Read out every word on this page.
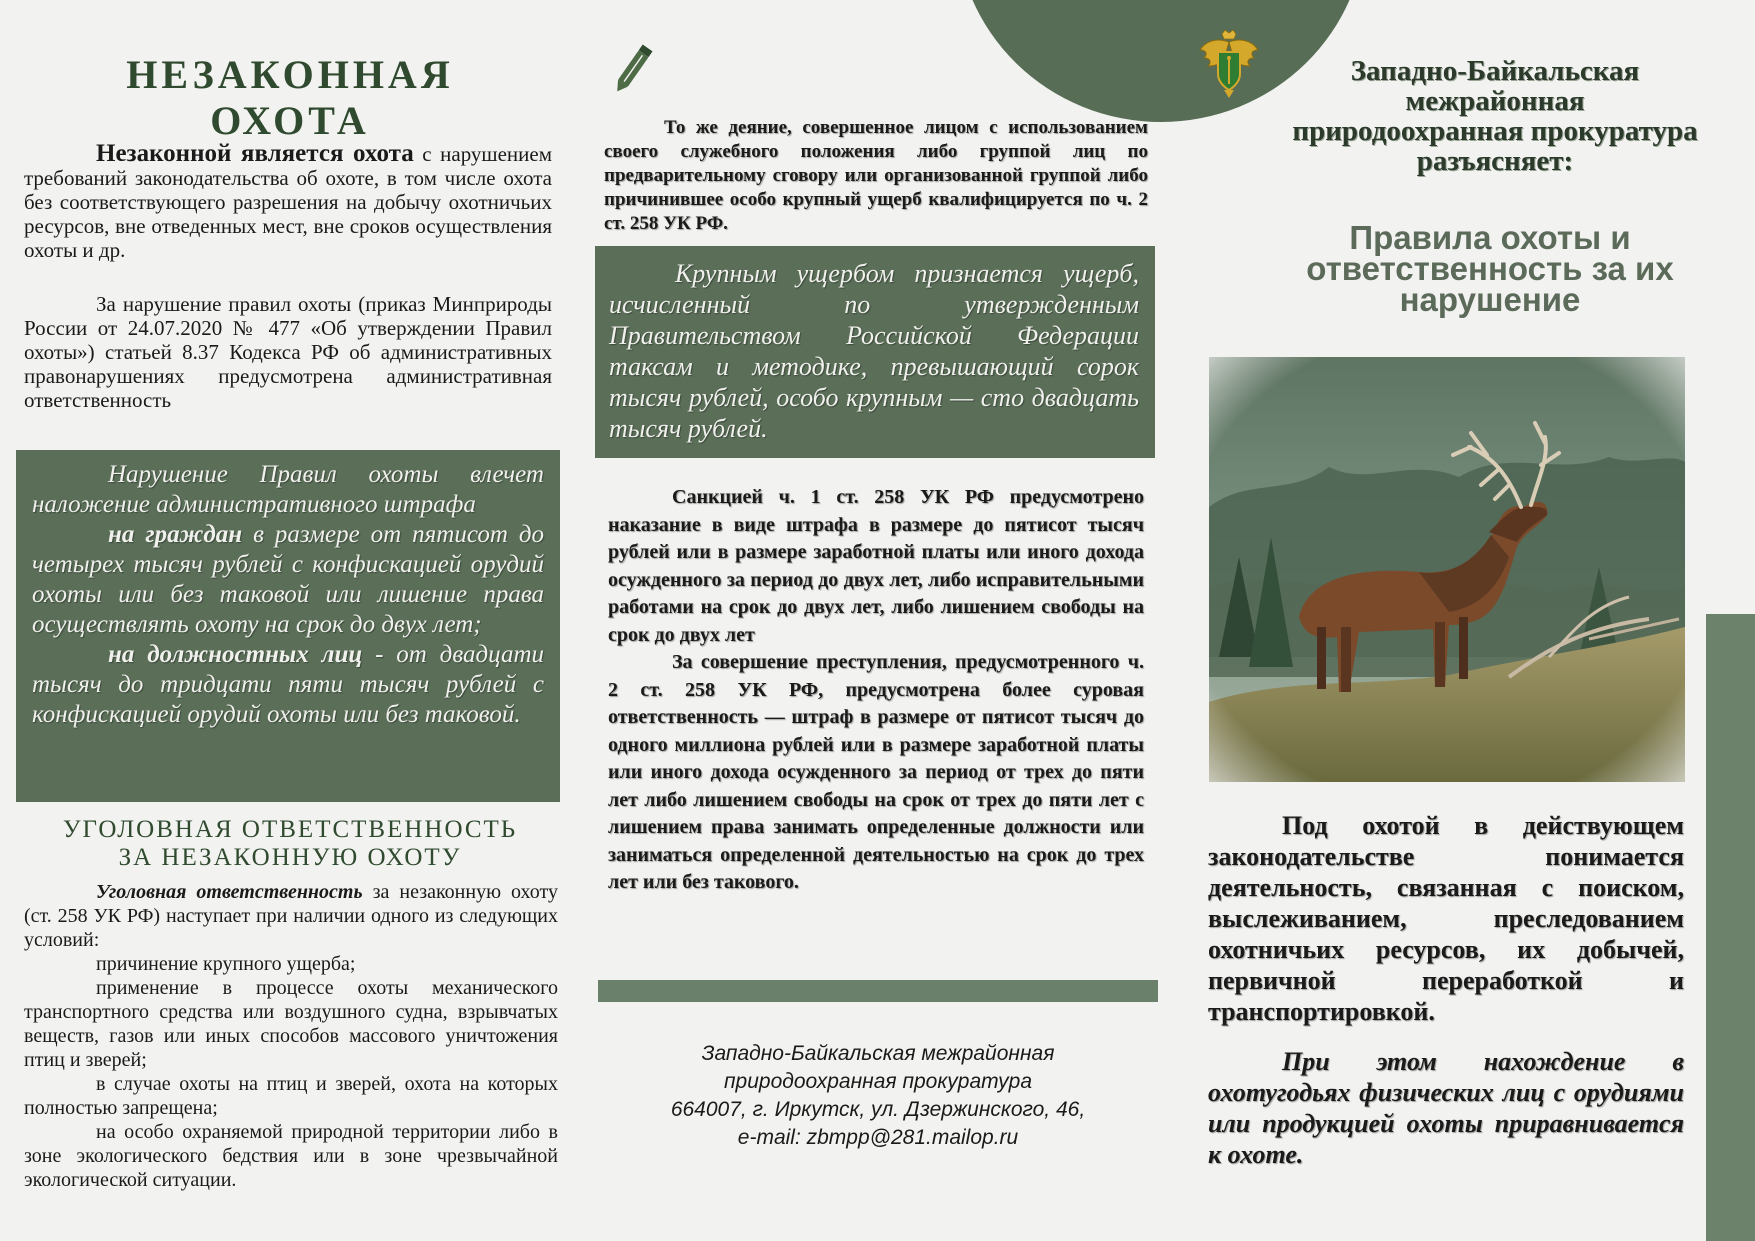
НЕЗАКОННАЯ
ОХОТА
Незаконной является охота с нарушением требований законодательства об охоте, в том числе охота без соответствующего разрешения на добычу охотничьих ресурсов, вне отведенных мест, вне сроков осуществления охоты и др.
За нарушение правил охоты (приказ Минприроды России от 24.07.2020 № 477 «Об утверждении Правил охоты») статьей 8.37 Кодекса РФ об административных правонарушениях предусмотрена административная ответственность

Нарушение Правил охоты влечет наложение административного штрафа

на граждан в размере от пятисот до четырех тысяч рублей с конфискацией орудий охоты или без таковой или лишение права осуществлять охоту на срок до двух лет;

на должностных лиц - от двадцати тысяч до тридцати пяти тысяч рублей с конфискацией орудий охоты или без таковой.

УГОЛОВНАЯ ОТВЕТСТВЕННОСТЬ
ЗА НЕЗАКОННУЮ ОХОТУ

Уголовная ответственность за незаконную охоту (ст. 258 УК РФ) наступает при наличии одного из следующих условий:

причинение крупного ущерба;

применение в процессе охоты механического транспортного средства или воздушного судна, взрывчатых веществ, газов или иных способов массового уничтожения птиц и зверей;

в случае охоты на птиц и зверей, охота на которых полностью запрещена;

на особо охраняемой природной территории либо в зоне экологического бедствия или в зоне чрезвычайной экологической ситуации.

То же деяние, совершенное лицом с использованием своего служебного положения либо группой лиц по предварительному сговору или организованной группой либо причинившее особо крупный ущерб квалифицируется по ч. 2 ст. 258 УК РФ.

Крупным ущербом признается ущерб, исчисленный по утвержденным Правительством Российской Федерации таксам и методике, превышающий сорок тысяч рублей, особо крупным — сто двадцать тысяч рублей.

Санкцией ч. 1 ст. 258 УК РФ предусмотрено наказание в виде штрафа в размере до пятисот тысяч рублей или в размере заработной платы или иного дохода осужденного за период до двух лет, либо исправительными работами на срок до двух лет, либо лишением свободы на срок до двух лет

За совершение преступления, предусмотренного ч. 2 ст. 258 УК РФ, предусмотрена более суровая ответственность — штраф в размере от пятисот тысяч до одного миллиона рублей или в размере заработной платы или иного дохода осужденного за период от трех до пяти лет либо лишением свободы на срок от трех до пяти лет с лишением права занимать определенные должности или заниматься определенной деятельностью на срок до трех лет или без такового.

Западно-Байкальская межрайонная
природоохранная прокуратура
664007, г. Иркутск, ул. Дзержинского, 46,
e-mail: zbmpp@281.mailop.ru
Западно-Байкальская
межрайонная
природоохранная прокуратура
разъясняет:
Правила охоты и
ответственность за их
нарушение
Под охотой в действующем законодательстве понимается деятельность, связанная с поиском, выслеживанием, преследованием охотничьих ресурсов, их добычей, первичной переработкой и транспортировкой.
При этом нахождение в охотугодьях физических лиц с орудиями или продукцией охоты приравнивается к охоте.
